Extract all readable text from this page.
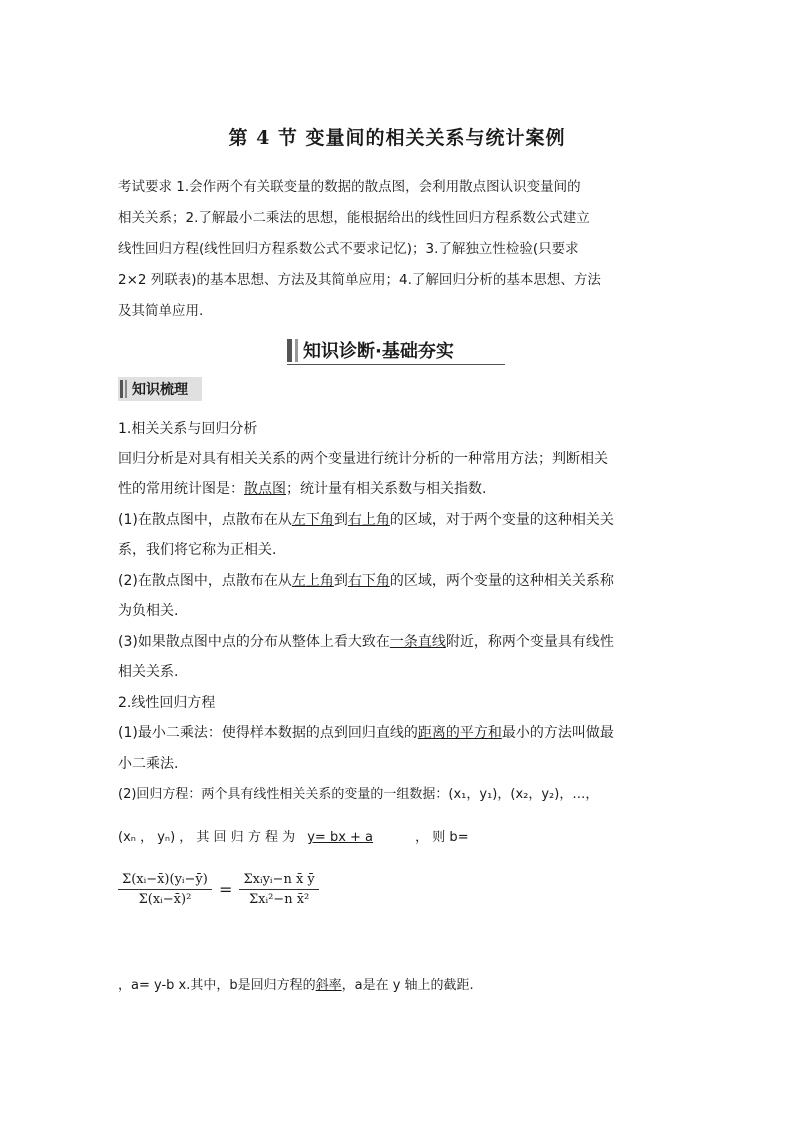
第 4 节 变量间的相关关系与统计案例
考试要求 1.会作两个有关联变量的数据的散点图，会利用散点图认识变量间的
相关关系；2.了解最小二乘法的思想，能根据给出的线性回归方程系数公式建立
线性回归方程(线性回归方程系数公式不要求记忆)；3.了解独立性检验(只要求
2×2 列联表)的基本思想、方法及其简单应用；4.了解回归分析的基本思想、方法
及其简单应用.
知识诊断·基础夯实
知识梳理
1.相关关系与回归分析
回归分析是对具有相关关系的两个变量进行统计分析的一种常用方法；判断相关
性的常用统计图是：散点图；统计量有相关系数与相关指数.
(1)在散点图中，点散布在从左下角到右上角的区域，对于两个变量的这种相关关
系，我们将它称为正相关.
(2)在散点图中，点散布在从左上角到右下角的区域，两个变量的这种相关关系称
为负相关.
(3)如果散点图中点的分布从整体上看大致在一条直线附近，称两个变量具有线性
相关关系.
2.线性回归方程
(1)最小二乘法：使得样本数据的点到回归直线的距离的平方和最小的方法叫做最
小二乘法.
(2)回归方程：两个具有线性相关关系的变量的一组数据：(x₁，y₁)，(x₂，y₂)，…，
(xₙ ， yₙ) ， 其 回 归 方 程 为 y= bx + a	， 则 b=
$\frac{\text{Σ(xᵢ−x̄)(yᵢ−ȳ)}}{\text{Σ(xᵢ−x̄)²}} = \frac{\text{Σxᵢyᵢ−n x̄ ȳ}}{\text{Σxᵢ²−n x̄²}}$
，a= y-b x.其中，b是回归方程的斜率，a是在 y 轴上的截距.
